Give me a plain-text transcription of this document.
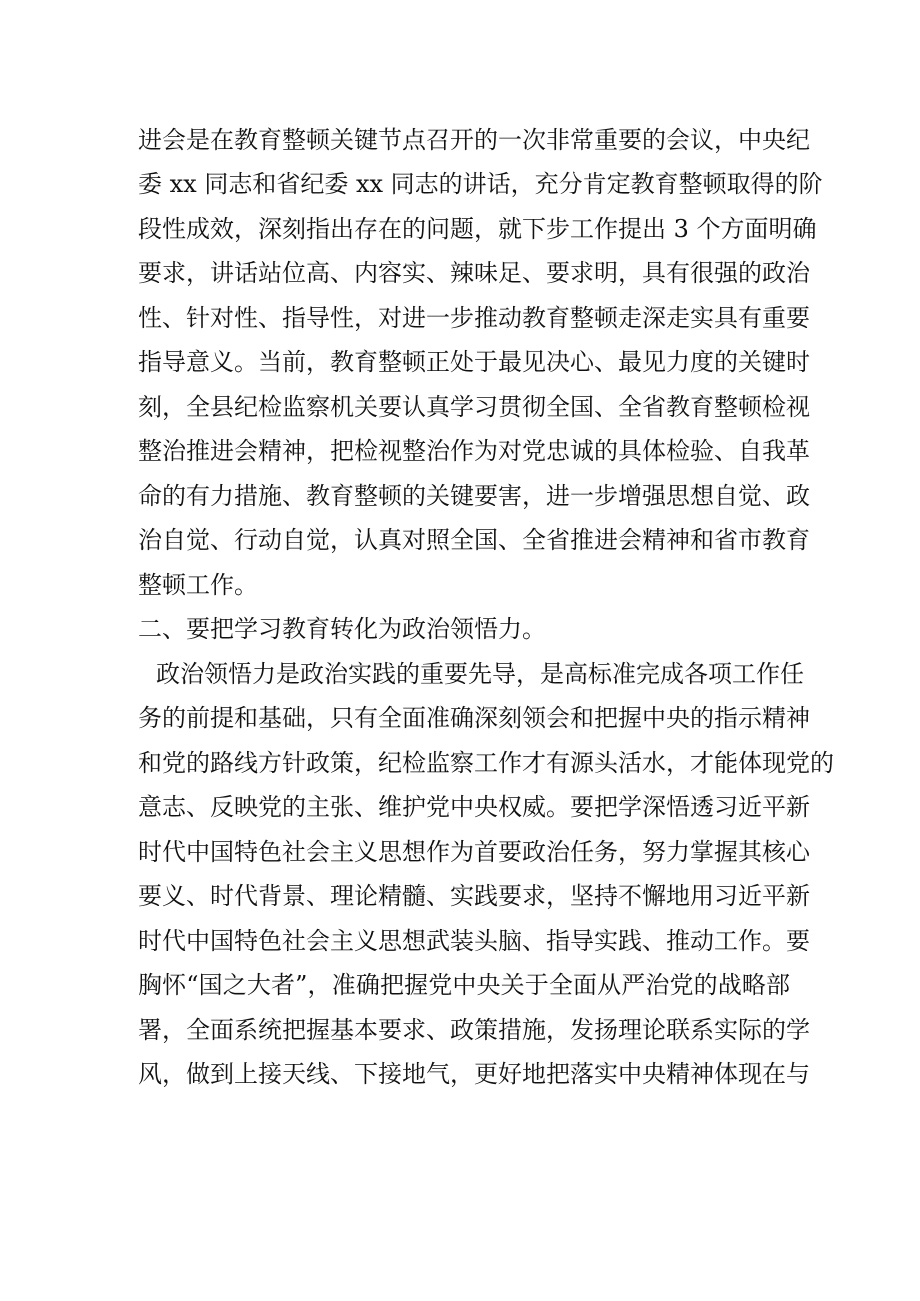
进会是在教育整顿关键节点召开的一次非常重要的会议，中央纪
委 xx 同志和省纪委 xx 同志的讲话，充分肯定教育整顿取得的阶
段性成效，深刻指出存在的问题，就下步工作提出 3 个方面明确
要求，讲话站位高、内容实、辣味足、要求明，具有很强的政治
性、针对性、指导性，对进一步推动教育整顿走深走实具有重要
指导意义。当前，教育整顿正处于最见决心、最见力度的关键时
刻，全县纪检监察机关要认真学习贯彻全国、全省教育整顿检视
整治推进会精神，把检视整治作为对党忠诚的具体检验、自我革
命的有力措施、教育整顿的关键要害，进一步增强思想自觉、政
治自觉、行动自觉，认真对照全国、全省推进会精神和省市教育
整顿工作。
二、要把学习教育转化为政治领悟力。
政治领悟力是政治实践的重要先导，是高标准完成各项工作任
务的前提和基础，只有全面准确深刻领会和把握中央的指示精神
和党的路线方针政策，纪检监察工作才有源头活水，才能体现党的
意志、反映党的主张、维护党中央权威。要把学深悟透习近平新
时代中国特色社会主义思想作为首要政治任务，努力掌握其核心
要义、时代背景、理论精髓、实践要求，坚持不懈地用习近平新
时代中国特色社会主义思想武装头脑、指导实践、推动工作。要
胸怀“国之大者”，准确把握党中央关于全面从严治党的战略部
署，全面系统把握基本要求、政策措施，发扬理论联系实际的学
风，做到上接天线、下接地气，更好地把落实中央精神体现在与
